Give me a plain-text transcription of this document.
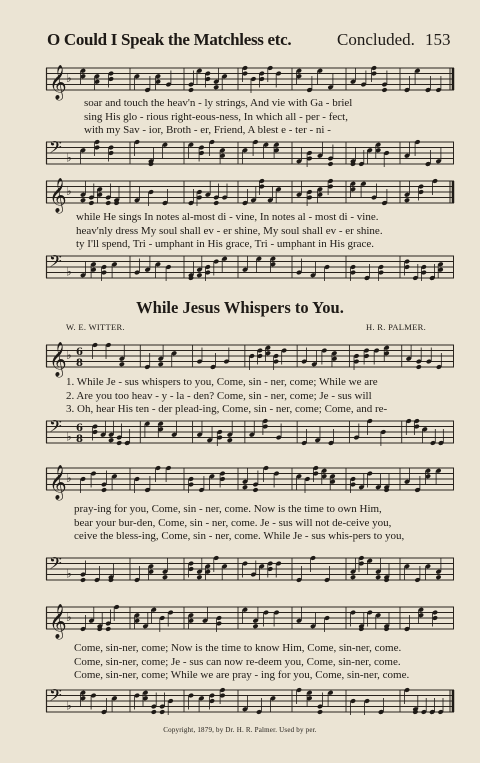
O Could I Speak the Matchless etc.	Concluded. 153
𝄞 ♭
soar and touch the heav'n - ly strings, And vie with Ga - briel
sing His glo - rious right-eous-ness, In which all - per - fect,
with my Sav - ior, Broth - er, Friend, A blest e - ter - ni -
𝄢 ♭
𝄞 ♭
while He sings In notes al-most di - vine, In notes al - most di - vine.
heav'nly dress My soul shall ev - er shine, My soul shall ev - er shine.
ty I'll spend, Tri - umphant in His grace, Tri - umphant in His grace.
𝄢 ♭
While Jesus Whispers to You.
W. E. WITTER.	H. R. PALMER.
𝄞 ♭ 6
8
1. While Je - sus whispers to you, Come, sin - ner, come; While we are
2. Are you too heav - y - la - den? Come, sin - ner, come; Je - sus will
3. Oh, hear His ten - der plead-ing, Come, sin - ner, come; Come, and re-
𝄢 ♭
6
8
𝄞 ♭
pray-ing for you, Come, sin - ner, come. Now is the time to own Him,
bear your bur-den, Come, sin - ner, come. Je - sus will not de-ceive you,
ceive the bless-ing, Come, sin - ner, come. While Je - sus whis-pers to you,
𝄢 ♭
𝄞 ♭
Come, sin-ner, come; Now is the time to know Him, Come, sin-ner, come.
Come, sin-ner, come; Je - sus can now re-deem you, Come, sin-ner, come.
Come, sin-ner, come; While we are pray - ing for you, Come, sin-ner, come.
𝄢 ♭
Copyright, 1879, by Dr. H. R. Palmer. Used by per.
